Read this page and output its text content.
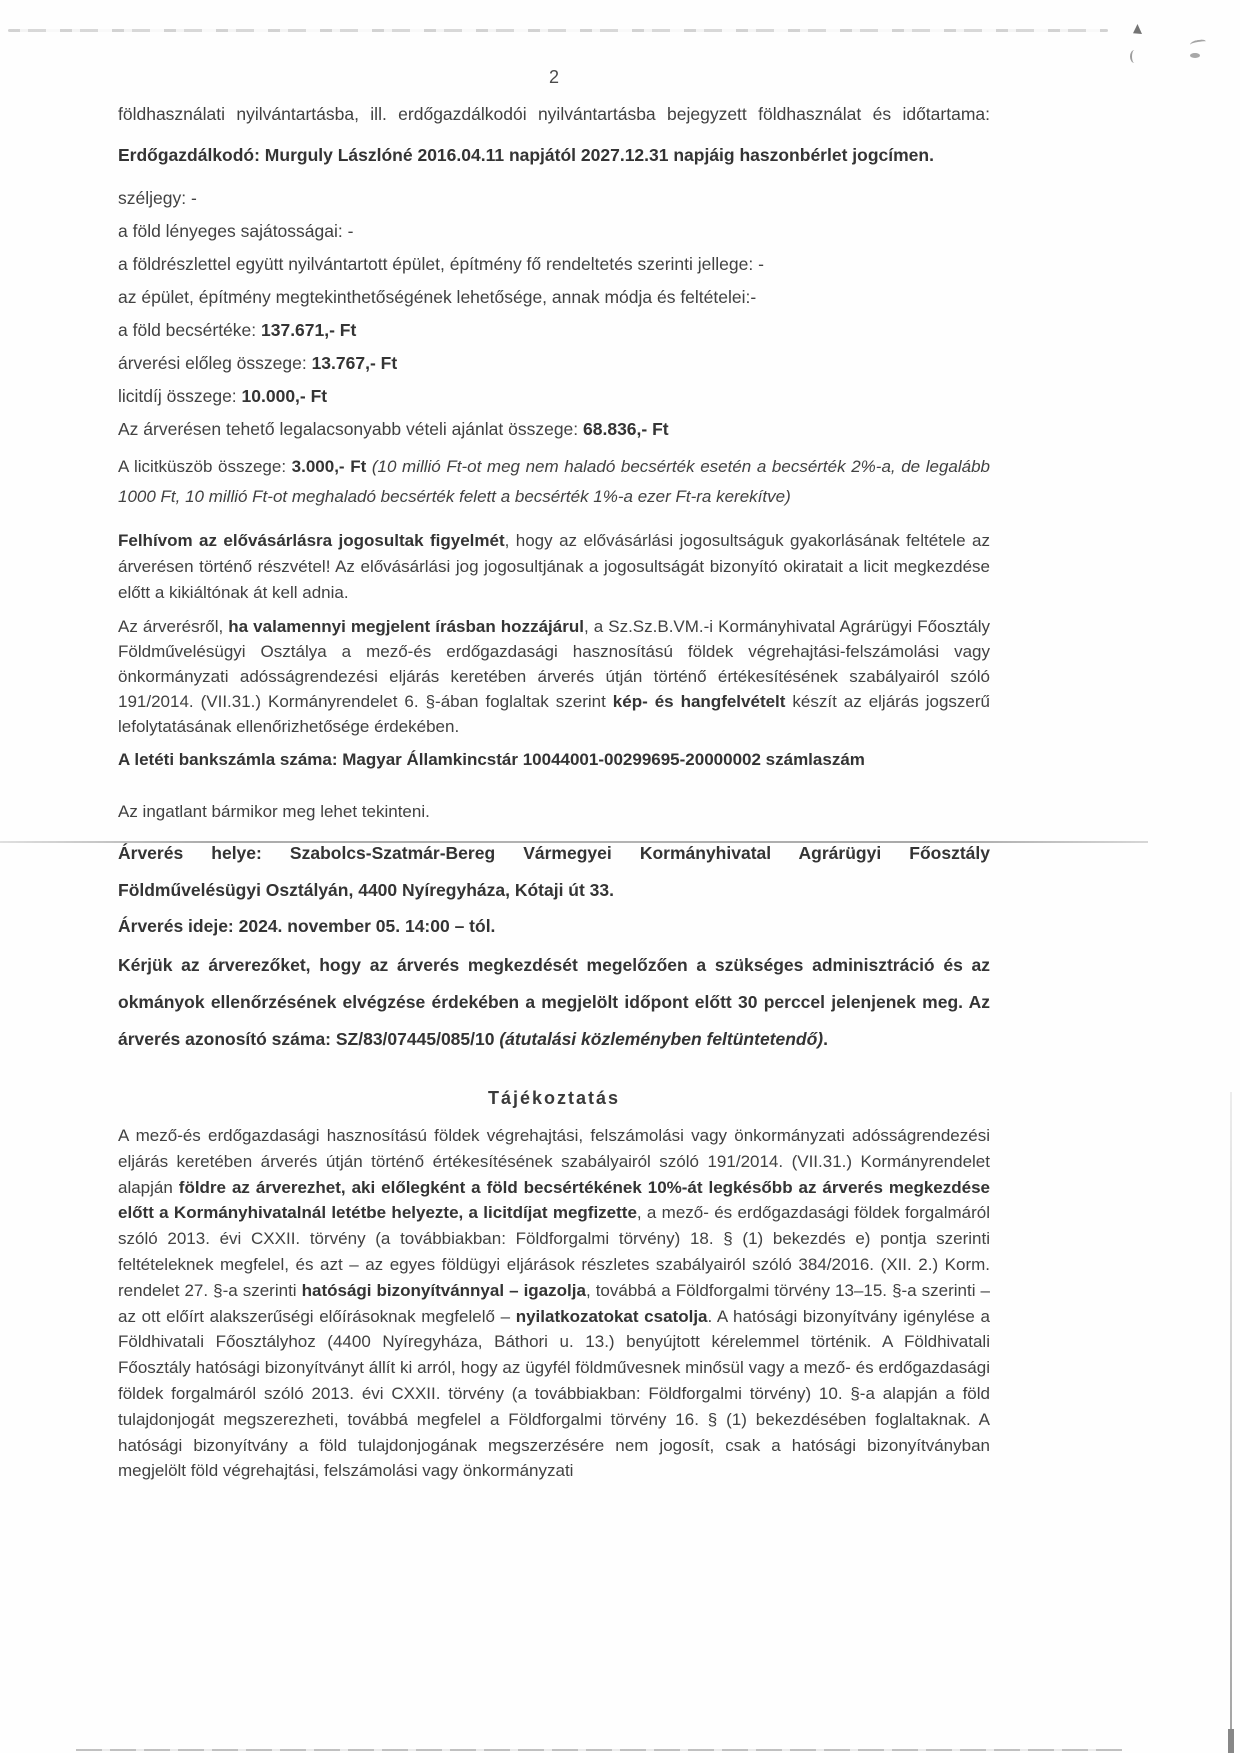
2

földhasználati nyilvántartásba, ill. erdőgazdálkodói nyilvántartásba bejegyzett földhasználat és időtartama: Erdőgazdálkodó: Murguly Lászlóné 2016.04.11 napjától 2027.12.31 napjáig haszonbérlet jogcímen.

széljegy: -
a föld lényeges sajátosságai: -
a földrészlettel együtt nyilvántartott épület, építmény fő rendeltetés szerinti jellege: -
az épület, építmény megtekinthetőségének lehetősége, annak módja és feltételei:-
a föld becsértéke: 137.671,- Ft
árverési előleg összege: 13.767,- Ft
licitdíj összege: 10.000,- Ft
Az árverésen tehető legalacsonyabb vételi ajánlat összege: 68.836,- Ft

A licitküszöb összege: 3.000,- Ft (10 millió Ft-ot meg nem haladó becsérték esetén a becsérték 2%-a, de legalább 1000 Ft, 10 millió Ft-ot meghaladó becsérték felett a becsérték 1%-a ezer Ft-ra kerekítve)

Felhívom az elővásárlásra jogosultak figyelmét, hogy az elővásárlási jogosultságuk gyakorlásának feltétele az árverésen történő részvétel! Az elővásárlási jog jogosultjának a jogosultságát bizonyító okiratait a licit megkezdése előtt a kikiáltónak át kell adnia.

Az árverésről, ha valamennyi megjelent írásban hozzájárul, a Sz.Sz.B.VM.-i Kormányhivatal Agrárügyi Főosztály Földművelésügyi Osztálya a mező-és erdőgazdasági hasznosítású földek végrehajtási-felszámolási vagy önkormányzati adósságrendezési eljárás keretében árverés útján történő értékesítésének szabályairól szóló 191/2014. (VII.31.) Kormányrendelet 6. §-ában foglaltak szerint kép- és hangfelvételt készít az eljárás jogszerű lefolytatásának ellenőrizhetősége érdekében.

A letéti bankszámla száma: Magyar Államkincstár 10044001-00299695-20000002 számlaszám

Az ingatlant bármikor meg lehet tekinteni.

Árverés helye: Szabolcs-Szatmár-Bereg Vármegyei Kormányhivatal Agrárügyi Főosztály Földművelésügyi Osztályán, 4400 Nyíregyháza, Kótaji út 33.

Árverés ideje: 2024. november 05. 14:00 – tól.

Kérjük az árverezőket, hogy az árverés megkezdését megelőzően a szükséges adminisztráció és az okmányok ellenőrzésének elvégzése érdekében a megjelölt időpont előtt 30 perccel jelenjenek meg. Az árverés azonosító száma: SZ/83/07445/085/10 (átutalási közleményben feltüntetendő).

Tájékoztatás

A mező-és erdőgazdasági hasznosítású földek végrehajtási, felszámolási vagy önkormányzati adósságrendezési eljárás keretében árverés útján történő értékesítésének szabályairól szóló 191/2014. (VII.31.) Kormányrendelet alapján földre az árverezhet, aki előlegként a föld becsértékének 10%-át legkésőbb az árverés megkezdése előtt a Kormányhivatalnál letétbe helyezte, a licitdíjat megfizette, a mező- és erdőgazdasági földek forgalmáról szóló 2013. évi CXXII. törvény (a továbbiakban: Földforgalmi törvény) 18. § (1) bekezdés e) pontja szerinti feltételeknek megfelel, és azt – az egyes földügyi eljárások részletes szabályairól szóló 384/2016. (XII. 2.) Korm. rendelet 27. §-a szerinti hatósági bizonyítvánnyal – igazolja, továbbá a Földforgalmi törvény 13–15. §-a szerinti – az ott előírt alakszerűségi előírásoknak megfelelő – nyilatkozatokat csatolja. A hatósági bizonyítvány igénylése a Földhivatali Főosztályhoz (4400 Nyíregyháza, Báthori u. 13.) benyújtott kérelemmel történik. A Földhivatali Főosztály hatósági bizonyítványt állít ki arról, hogy az ügyfél földművesnek minősül vagy a mező- és erdőgazdasági földek forgalmáról szóló 2013. évi CXXII. törvény (a továbbiakban: Földforgalmi törvény) 10. §-a alapján a föld tulajdonjogát megszerezheti, továbbá megfelel a Földforgalmi törvény 16. § (1) bekezdésében foglaltaknak. A hatósági bizonyítvány a föld tulajdonjogának megszerzésére nem jogosít, csak a hatósági bizonyítványban megjelölt föld végrehajtási, felszámolási vagy önkormányzati
